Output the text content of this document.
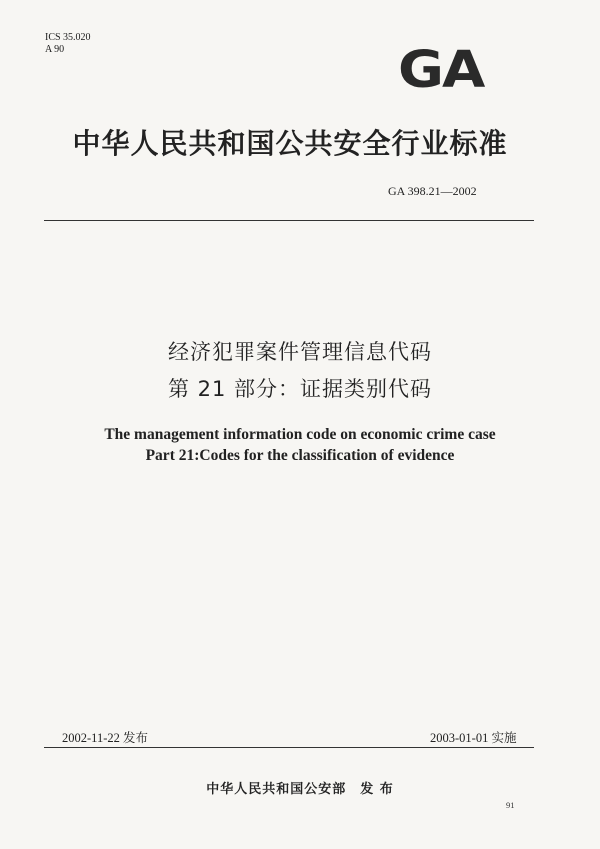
ICS 35.020
A 90	GA
中华人民共和国公共安全行业标准
GA 398.21—2002
经济犯罪案件管理信息代码
第 21 部分：证据类别代码
The management information code on economic crime case
Part 21:Codes for the classification of evidence
2002-11-22 发布	2003-01-01 实施
中华人民共和国公安部　发 布
91
